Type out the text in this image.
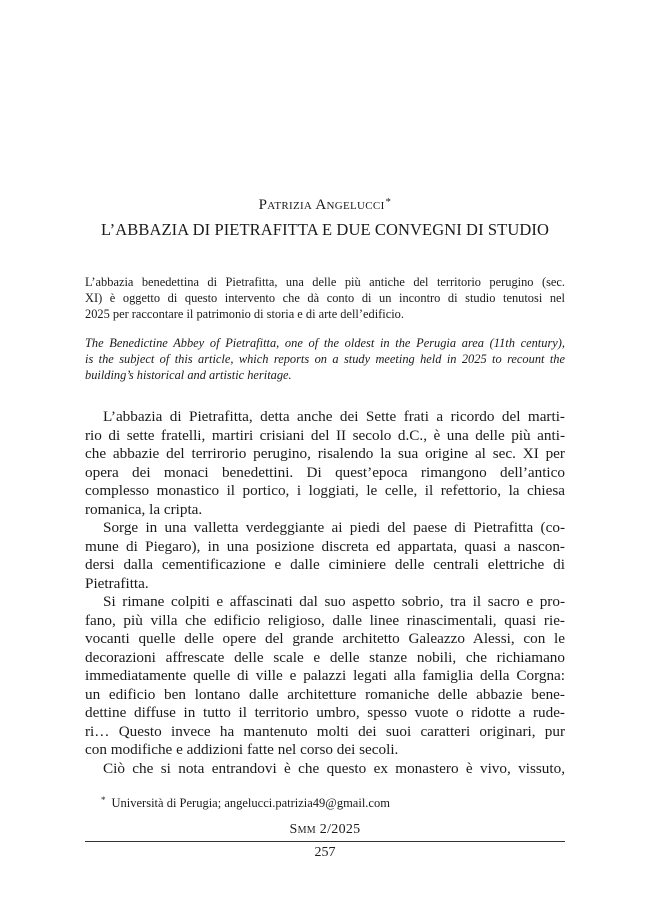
Patrizia Angelucci*
L’ABBAZIA DI PIETRAFITTA E DUE CONVEGNI DI STUDIO
L’abbazia benedettina di Pietrafitta, una delle più antiche del territorio perugino (sec.
XI) è oggetto di questo intervento che dà conto di un incontro di studio tenutosi nel
2025 per raccontare il patrimonio di storia e di arte dell’edificio.
The Benedictine Abbey of Pietrafitta, one of the oldest in the Perugia area (11th century),
is the subject of this article, which reports on a study meeting held in 2025 to recount the
building’s historical and artistic heritage.
L’abbazia di Pietrafitta, detta anche dei Sette frati a ricordo del marti-
rio di sette fratelli, martiri crisiani del II secolo d.C., è una delle più anti-
che abbazie del terrirorio perugino, risalendo la sua origine al sec. XI per
opera dei monaci benedettini. Di quest’epoca rimangono dell’antico
complesso monastico il portico, i loggiati, le celle, il refettorio, la chiesa
romanica, la cripta.
Sorge in una valletta verdeggiante ai piedi del paese di Pietrafitta (co-
mune di Piegaro), in una posizione discreta ed appartata, quasi a nascon-
dersi dalla cementificazione e dalle ciminiere delle centrali elettriche di
Pietrafitta.
Si rimane colpiti e affascinati dal suo aspetto sobrio, tra il sacro e pro-
fano, più villa che edificio religioso, dalle linee rinascimentali, quasi rie-
vocanti quelle delle opere del grande architetto Galeazzo Alessi, con le
decorazioni affrescate delle scale e delle stanze nobili, che richiamano
immediatamente quelle di ville e palazzi legati alla famiglia della Corgna:
un edificio ben lontano dalle architetture romaniche delle abbazie bene-
dettine diffuse in tutto il territorio umbro, spesso vuote o ridotte a rude-
ri… Questo invece ha mantenuto molti dei suoi caratteri originari, pur
con modifiche e addizioni fatte nel corso dei secoli.
Ciò che si nota entrandovi è che questo ex monastero è vivo, vissuto,
* Università di Perugia; angelucci.patrizia49@gmail.com
Smm 2/2025
257
